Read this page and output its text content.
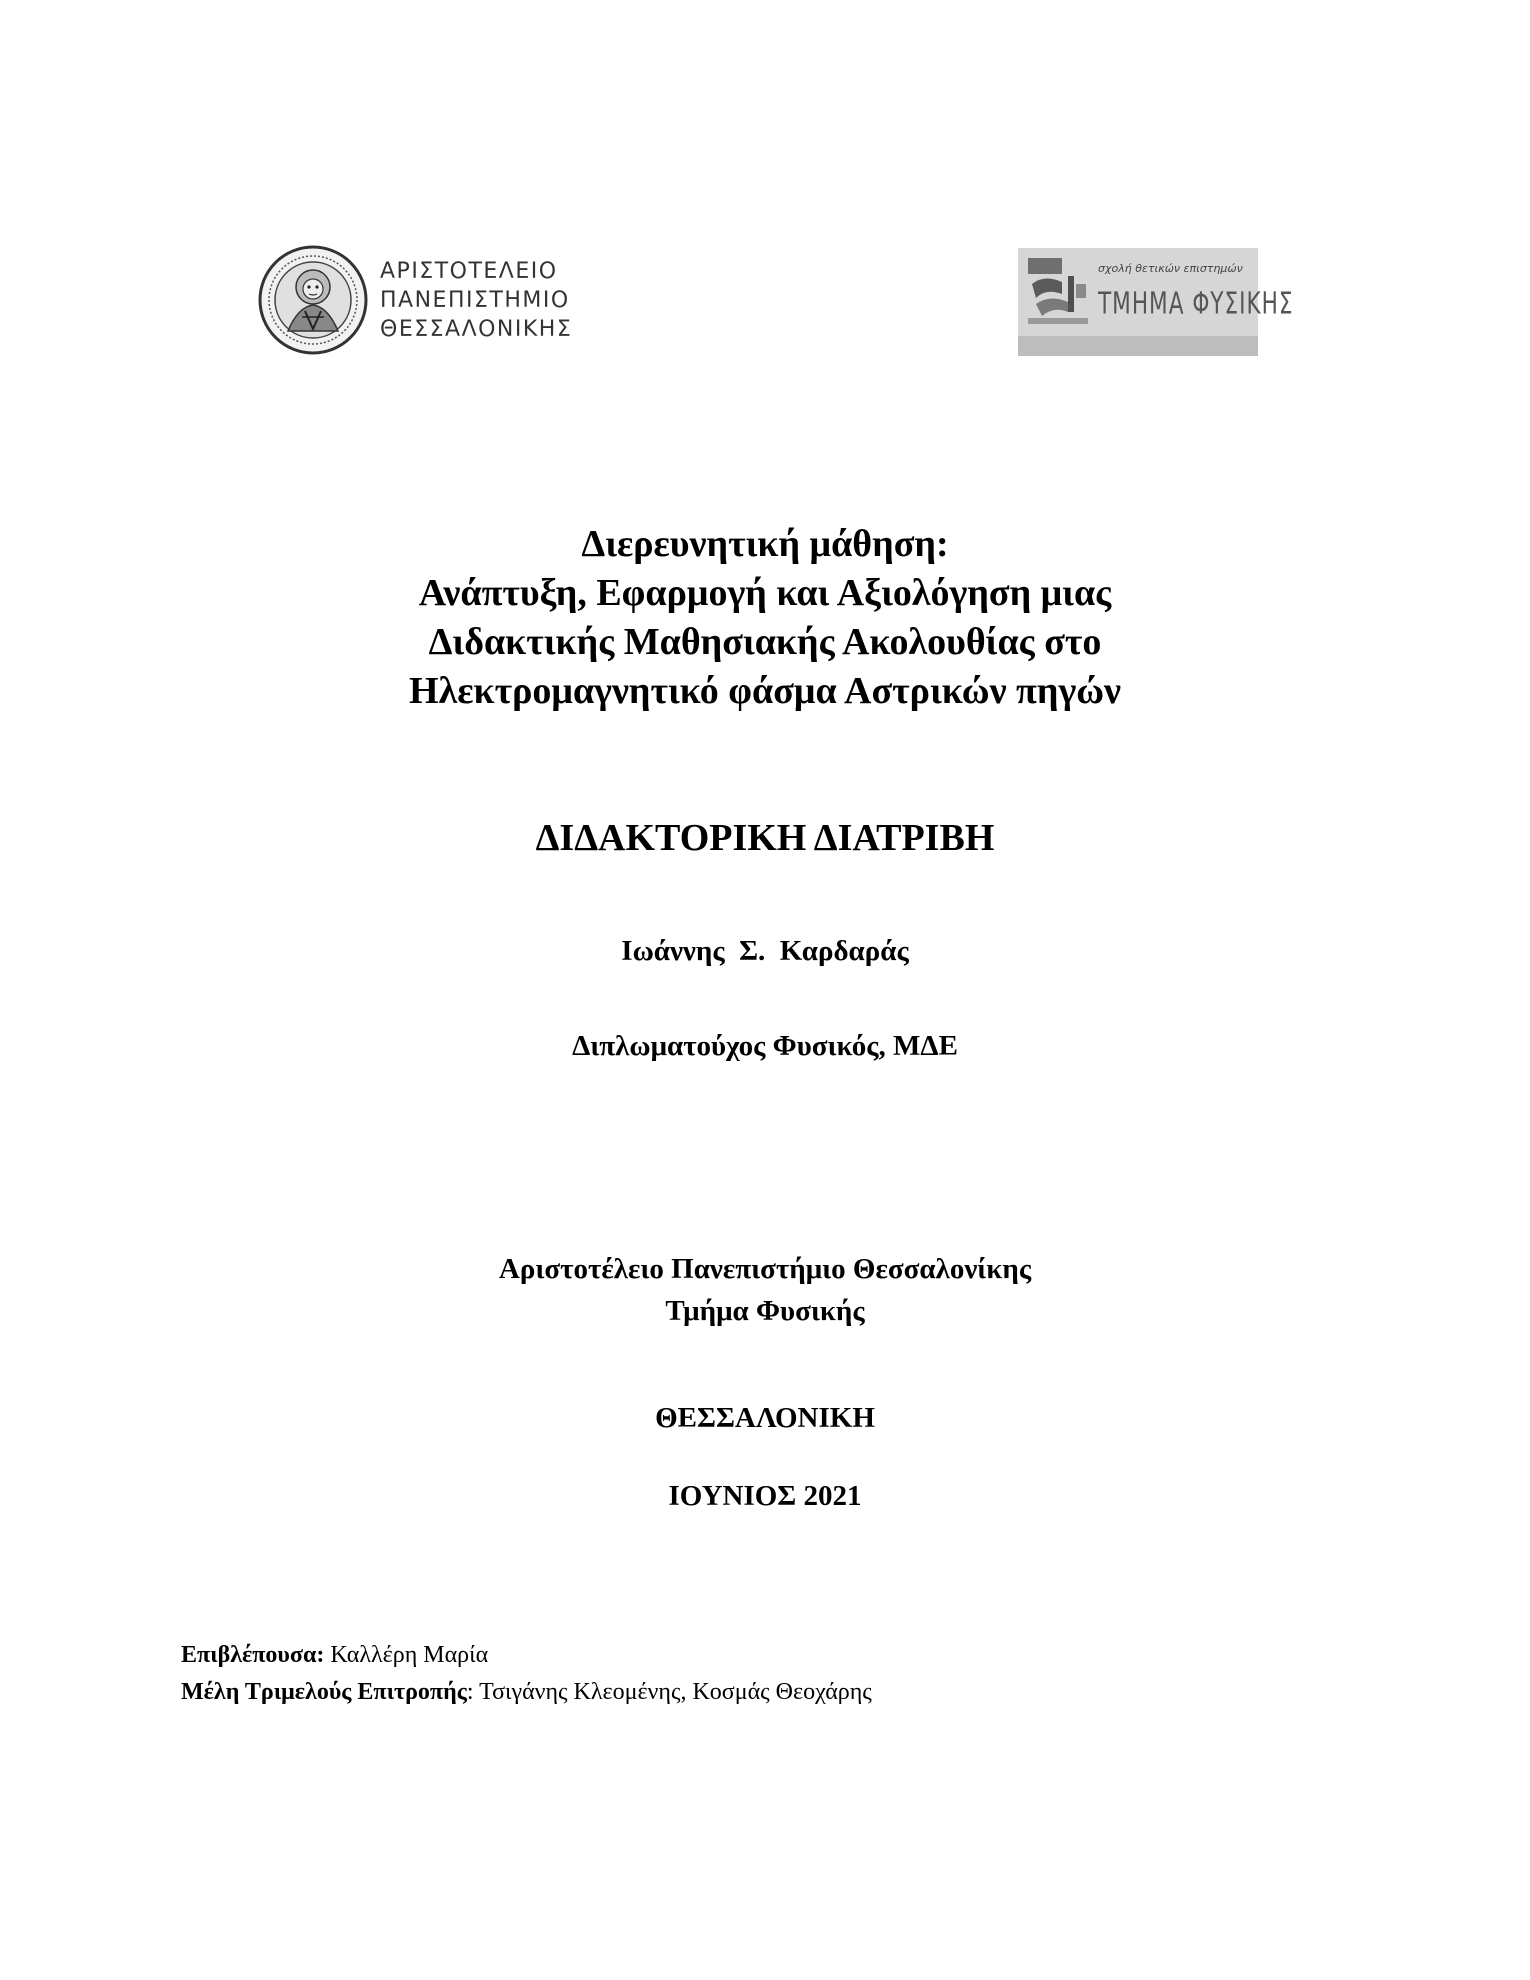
ΑΡΙΣΤΟΤΕΛΕΙΟ
ΠΑΝΕΠΙΣΤΗΜΙΟ
ΘΕΣΣΑΛΟΝΙΚΗΣ
σχολή θετικών επιστημών
ΤΜΗΜΑ ΦΥΣΙΚΗΣ
Διερευνητική μάθηση:
Ανάπτυξη, Εφαρμογή και Αξιολόγηση μιας
Διδακτικής Μαθησιακής Ακολουθίας στο
Ηλεκτρομαγνητικό φάσμα Αστρικών πηγών
ΔΙΔΑΚΤΟΡΙΚΗ ΔΙΑΤΡΙΒΗ
Ιωάννης  Σ.  Καρδαράς
Διπλωματούχος Φυσικός, ΜΔΕ
Αριστοτέλειο Πανεπιστήμιο Θεσσαλονίκης
Τμήμα Φυσικής
ΘΕΣΣΑΛΟΝΙΚΗ
ΙΟΥΝΙΟΣ 2021
Επιβλέπουσα: Καλλέρη Μαρία
Μέλη Τριμελούς Επιτροπής: Τσιγάνης Κλεομένης, Κοσμάς Θεοχάρης
